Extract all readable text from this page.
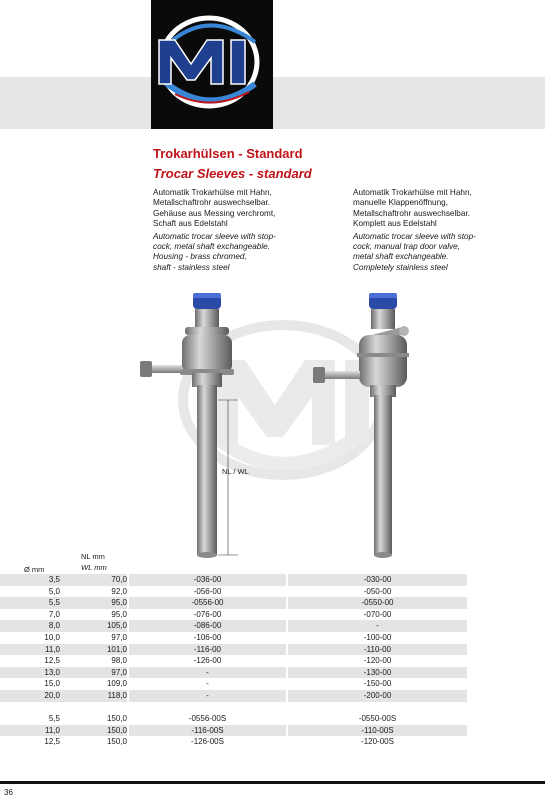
Trokarhülsen - Standard
Trocar Sleeves - standard
Automatik Trokarhülse mit Hahn,
Metallschaftrohr auswechselbar.
Gehäuse aus Messing verchromt,
Schaft aus Edelstahl
Automatic trocar sleeve with stop-
cock, metal shaft exchangeable.
Housing - brass chromed,
shaft - stainless steel
Automatik Trokarhülse mit Hahn,
manuelle Klappenöffnung,
Metallschaftrohr auswechselbar.
Komplett aus Edelstahl
Automatic trocar sleeve with stop-
cock, manual trap door valve,
metal shaft exchangeable.
Completely stainless steel
NL / WL
Ø mm
NL mm
WL mm
3,5	70,0	-036-00	-030-00
5,0	92,0	-056-00	-050-00
5,5	95,0	-0556-00	-0550-00
7,0	95,0	-076-00	-070-00
8,0	105,0	-086-00	-
10,0	97,0	-106-00	-100-00
11,0	101,0	-116-00	-110-00
12,5	98,0	-126-00	-120-00
13,0	97,0	-	-130-00
15,0	109,0	-	-150-00
20,0	118,0	-	-200-00

5,5	150,0	-0556-00S	-0550-00S
11,0	150,0	-116-00S	-110-00S
12,5	150,0	-126-00S	-120-00S
36
